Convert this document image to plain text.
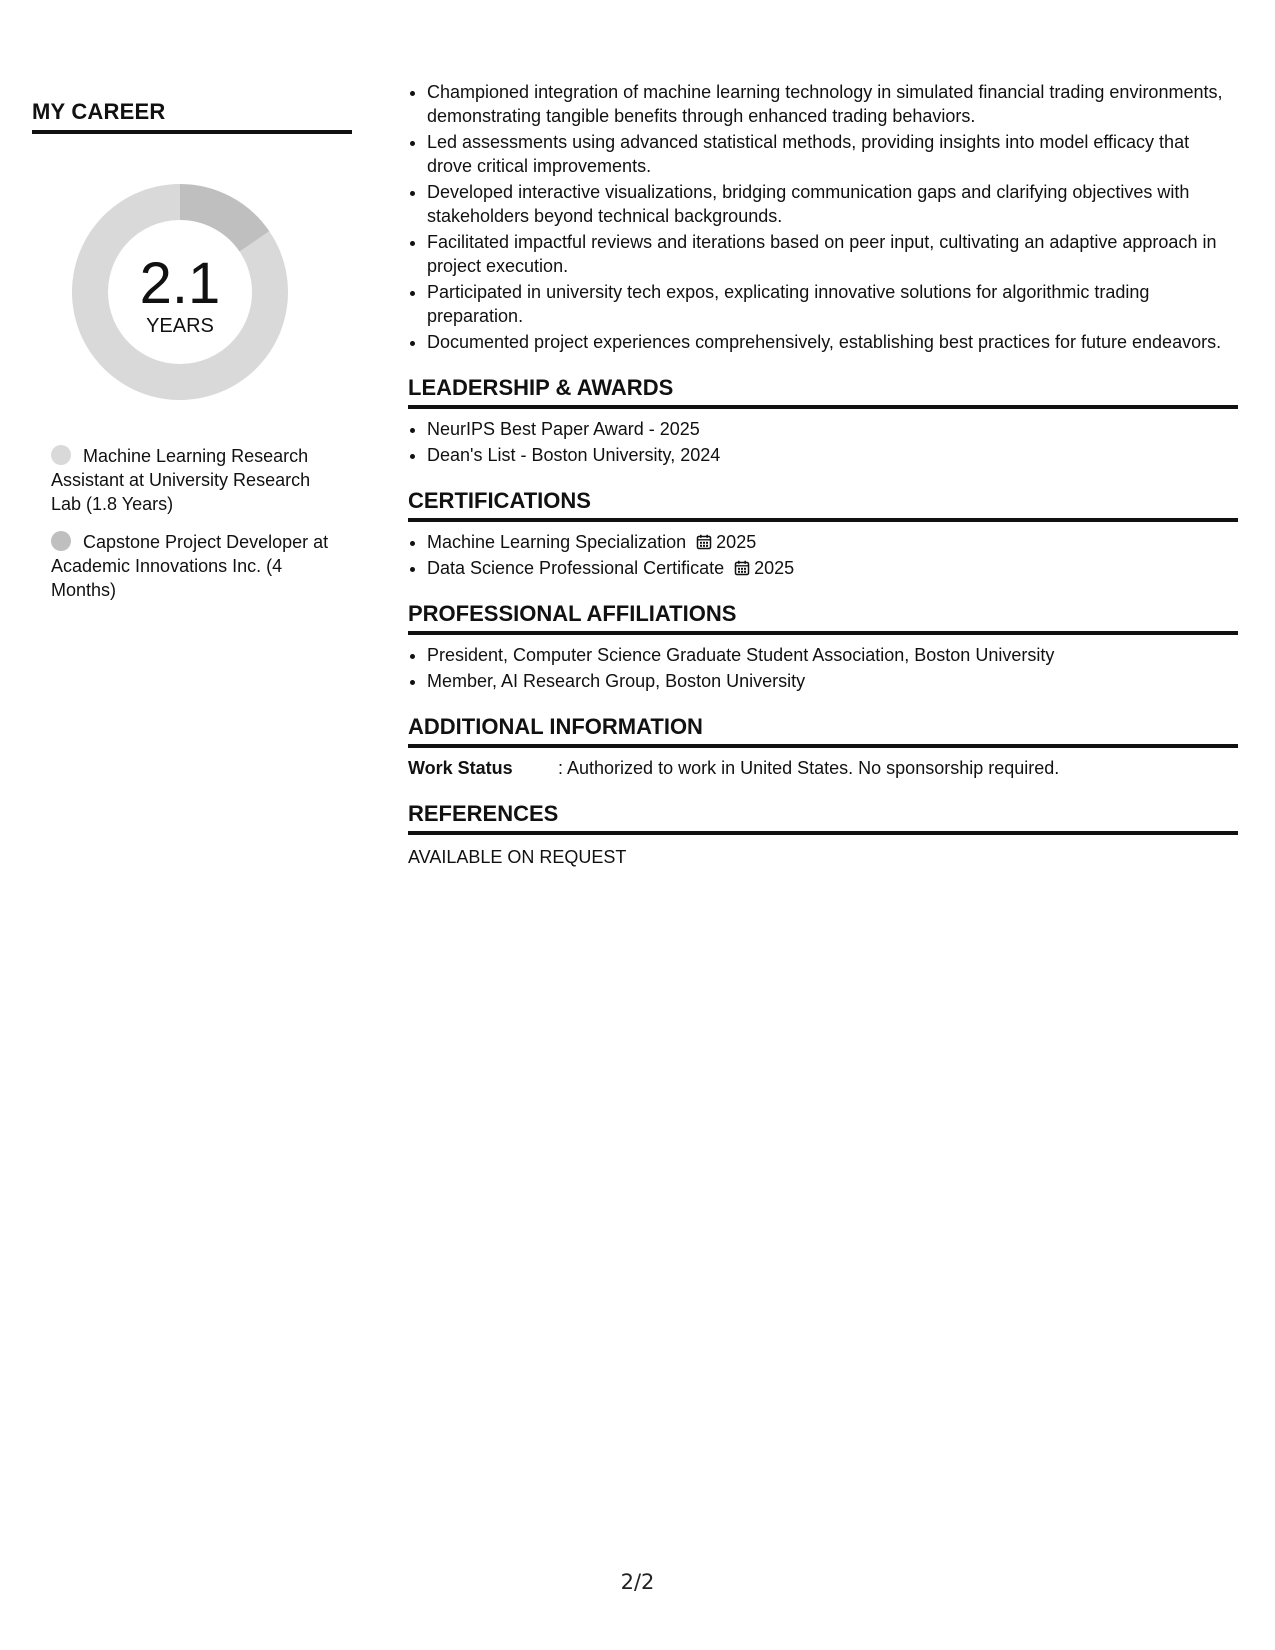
MY CAREER
2.1
YEARS
Machine Learning Research Assistant at University Research Lab (1.8 Years)
Capstone Project Developer at Academic Innovations Inc. (4 Months)
• Championed integration of machine learning technology in simulated financial trading environments, demonstrating tangible benefits through enhanced trading behaviors.
• Led assessments using advanced statistical methods, providing insights into model efficacy that drove critical improvements.
• Developed interactive visualizations, bridging communication gaps and clarifying objectives with stakeholders beyond technical backgrounds.
• Facilitated impactful reviews and iterations based on peer input, cultivating an adaptive approach in project execution.
• Participated in university tech expos, explicating innovative solutions for algorithmic trading preparation.
• Documented project experiences comprehensively, establishing best practices for future endeavors.
LEADERSHIP & AWARDS
• NeurIPS Best Paper Award - 2025
• Dean's List - Boston University, 2024
CERTIFICATIONS
• Machine Learning Specialization 2025
• Data Science Professional Certificate 2025
PROFESSIONAL AFFILIATIONS
• President, Computer Science Graduate Student Association, Boston University
• Member, AI Research Group, Boston University
ADDITIONAL INFORMATION
Work Status	: Authorized to work in United States. No sponsorship required.
REFERENCES
AVAILABLE ON REQUEST
2/2
